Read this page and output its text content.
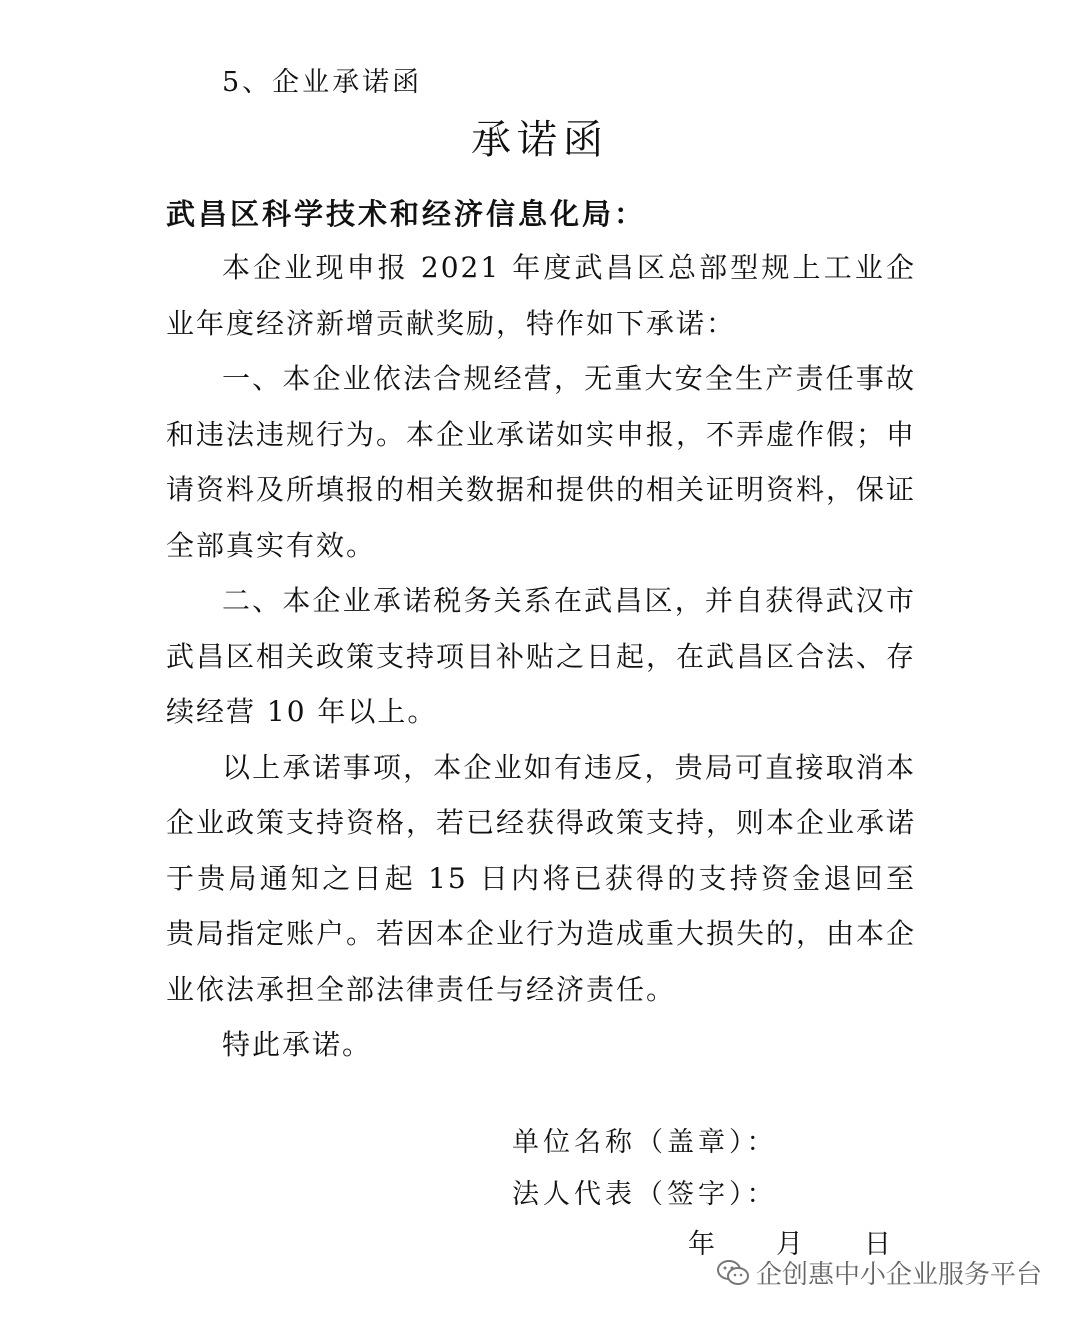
5、企业承诺函
承诺函
武昌区科学技术和经济信息化局：

本企业现申报 2021 年度武昌区总部型规上工业企业年度经济新增贡献奖励，特作如下承诺：

一、本企业依法合规经营，无重大安全生产责任事故和违法违规行为。本企业承诺如实申报，不弄虚作假；申请资料及所填报的相关数据和提供的相关证明资料，保证全部真实有效。

二、本企业承诺税务关系在武昌区，并自获得武汉市武昌区相关政策支持项目补贴之日起，在武昌区合法、存续经营 10 年以上。

以上承诺事项，本企业如有违反，贵局可直接取消本企业政策支持资格，若已经获得政策支持，则本企业承诺于贵局通知之日起 15 日内将已获得的支持资金退回至贵局指定账户。若因本企业行为造成重大损失的，由本企业依法承担全部法律责任与经济责任。

特此承诺。

单位名称（盖章）：
法人代表（签字）：
年 月 日
企创惠中小企业服务平台
